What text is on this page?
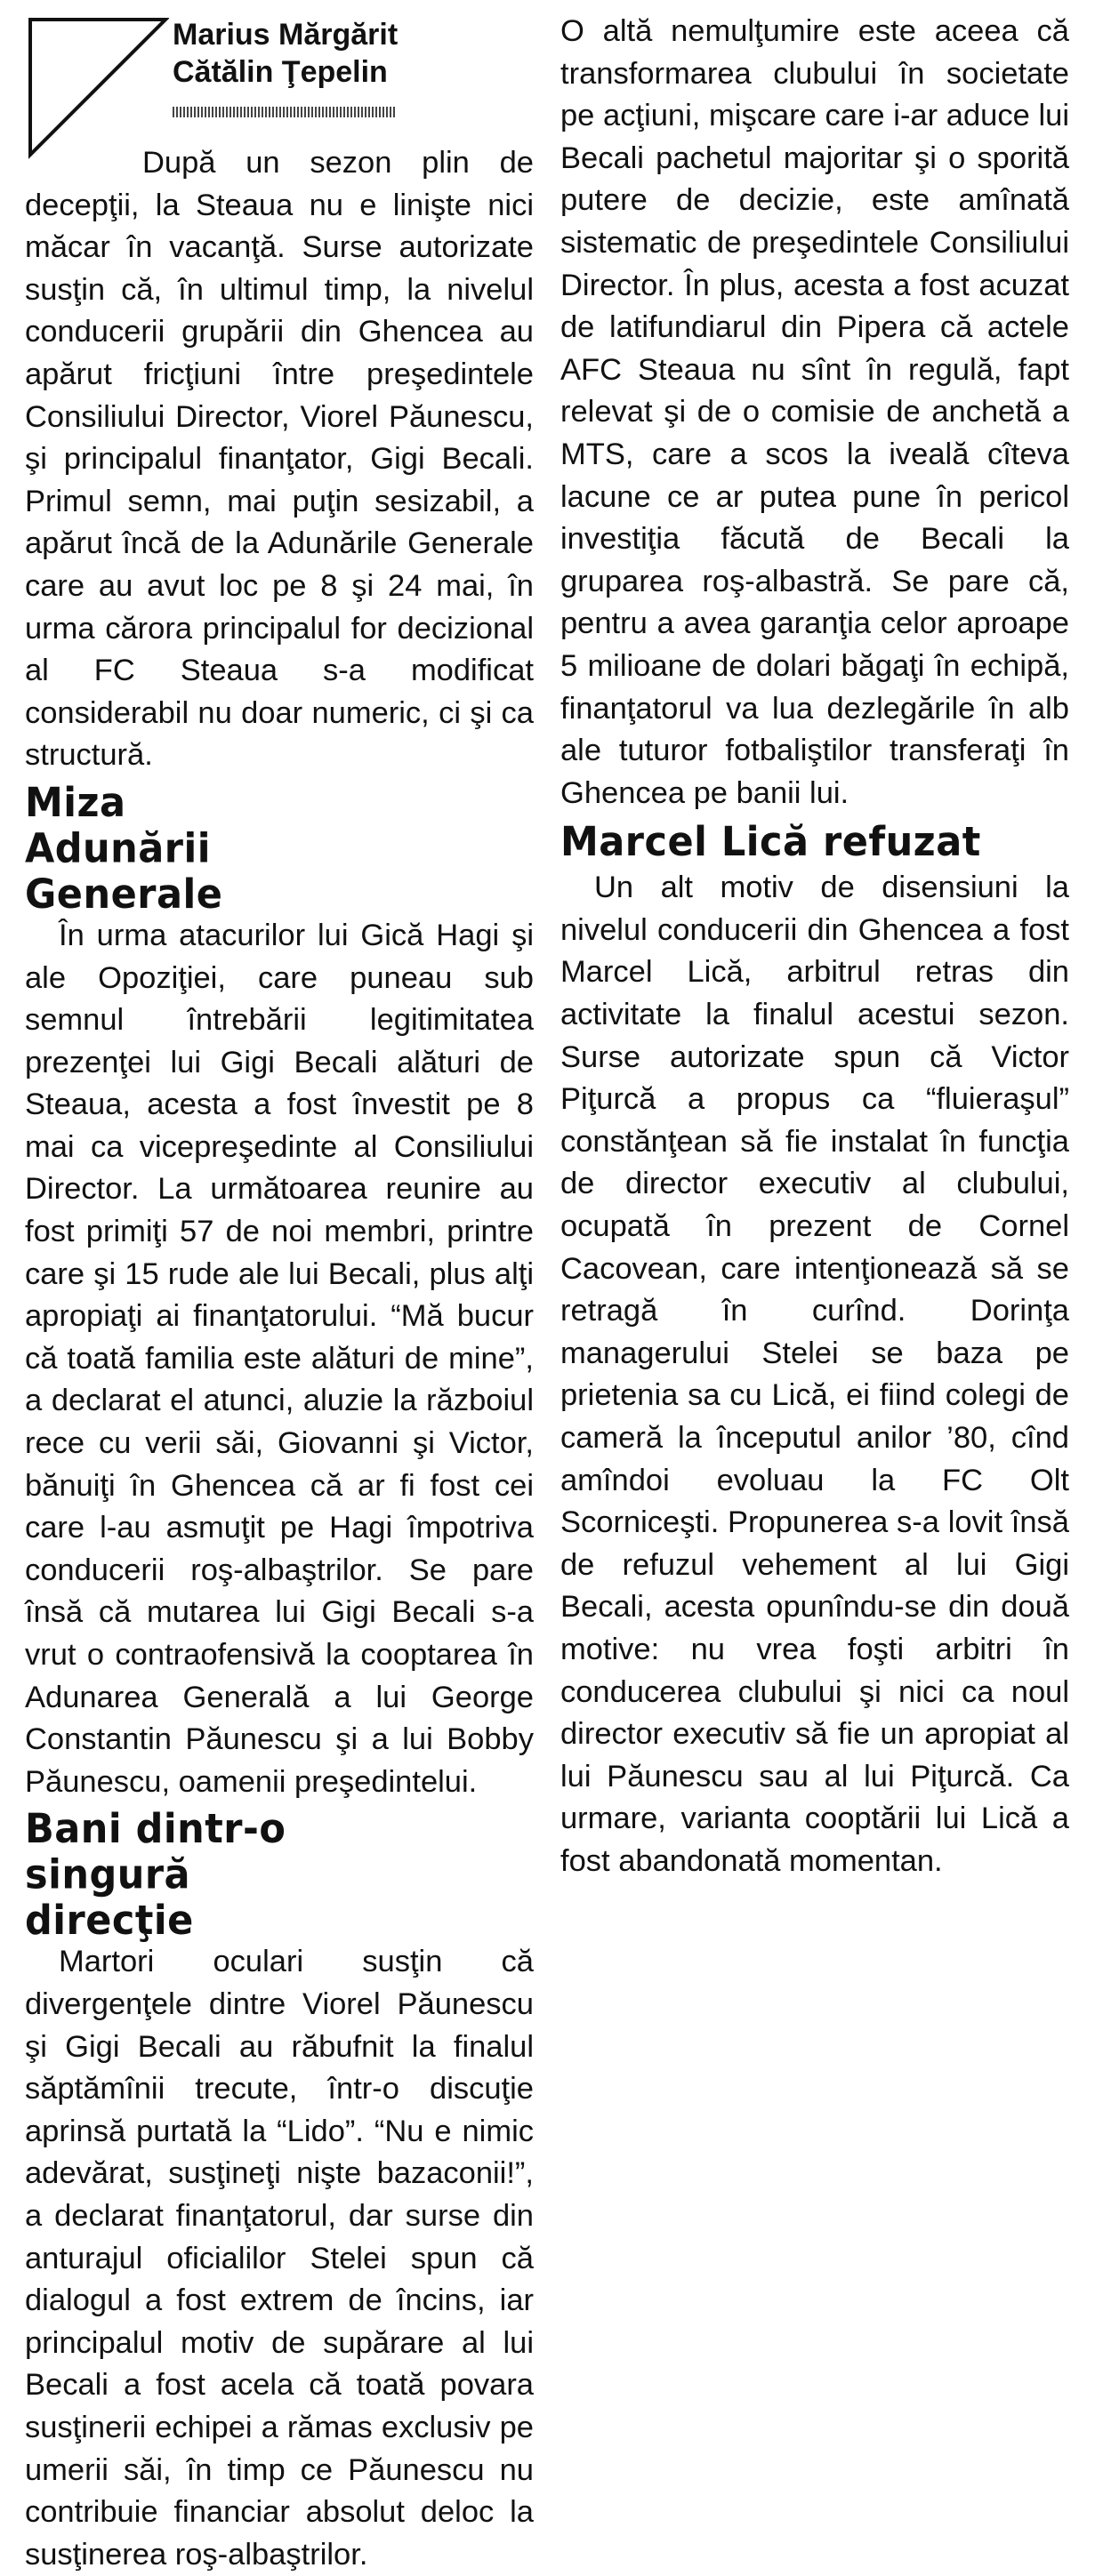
Marius Mărgărit
Cătălin Ţepelin

După un sezon plin de decepţii, la Steaua nu e linişte nici măcar în vacanţă. Surse autorizate susţin că, în ultimul timp, la nivelul conducerii grupării din Ghencea au apărut fricţiuni între preşedintele Consiliului Director, Viorel Păunescu, şi principalul finanţator, Gigi Becali. Primul semn, mai puţin sesizabil, a apărut încă de la Adunările Generale care au avut loc pe 8 şi 24 mai, în urma cărora principalul for decizional al FC Steaua s-a modificat considerabil nu doar numeric, ci şi ca structură.

Miza Adunării Generale

În urma atacurilor lui Gică Hagi şi ale Opoziţiei, care puneau sub semnul întrebării legitimitatea prezenţei lui Gigi Becali alături de Steaua, acesta a fost învestit pe 8 mai ca vicepreşedinte al Consiliului Director. La următoarea reunire au fost primiţi 57 de noi membri, printre care şi 15 rude ale lui Becali, plus alţi apropiaţi ai finanţatorului. “Mă bucur că toată familia este alături de mine”, a declarat el atunci, aluzie la războiul rece cu verii săi, Giovanni şi Victor, bănuiţi în Ghencea că ar fi fost cei care l-au asmuţit pe Hagi împotriva conducerii roş-albaştrilor. Se pare însă că mutarea lui Gigi Becali s-a vrut o contraofensivă la cooptarea în Adunarea Generală a lui George Constantin Păunescu şi a lui Bobby Păunescu, oamenii preşedintelui.

Bani dintr-o singură direcţie

Martori oculari susţin că divergenţele dintre Viorel Păunescu şi Gigi Becali au răbufnit la finalul săptămînii trecute, într-o discuţie aprinsă purtată la “Lido”. “Nu e nimic adevărat, susţineţi nişte bazaconii!”, a declarat finanţatorul, dar surse din anturajul oficialilor Stelei spun că dialogul a fost extrem de încins, iar principalul motiv de supărare al lui Becali a fost acela că toată povara susţinerii echipei a rămas exclusiv pe umerii săi, în timp ce Păunescu nu contribuie financiar absolut deloc la susţinerea roş-albaştrilor.

O altă nemulţumire este aceea că transformarea clubului în societate pe acţiuni, mişcare care i-ar aduce lui Becali pachetul majoritar şi o sporită putere de decizie, este amînată sistematic de preşedintele Consiliului Director. În plus, acesta a fost acuzat de latifundiarul din Pipera că actele AFC Steaua nu sînt în regulă, fapt relevat şi de o comisie de anchetă a MTS, care a scos la iveală cîteva lacune ce ar putea pune în pericol investiţia făcută de Becali la gruparea roş-albastră. Se pare că, pentru a avea garanţia celor aproape 5 milioane de dolari băgaţi în echipă, finanţatorul va lua dezlegările în alb ale tuturor fotbaliştilor transferaţi în Ghencea pe banii lui.

Marcel Lică refuzat

Un alt motiv de disensiuni la nivelul conducerii din Ghencea a fost Marcel Lică, arbitrul retras din activitate la finalul acestui sezon. Surse autorizate spun că Victor Piţurcă a propus ca “fluieraşul” constănţean să fie instalat în funcţia de director executiv al clubului, ocupată în prezent de Cornel Cacovean, care intenţionează să se retragă în curînd. Dorinţa managerului Stelei se baza pe prietenia sa cu Lică, ei fiind colegi de cameră la începutul anilor ’80, cînd amîndoi evoluau la FC Olt Scorniceşti. Propunerea s-a lovit însă de refuzul vehement al lui Gigi Becali, acesta opunîndu-se din două motive: nu vrea foşti arbitri în conducerea clubului şi nici ca noul director executiv să fie un apropiat al lui Păunescu sau al lui Piţurcă. Ca urmare, varianta cooptării lui Lică a fost abandonată momentan.
